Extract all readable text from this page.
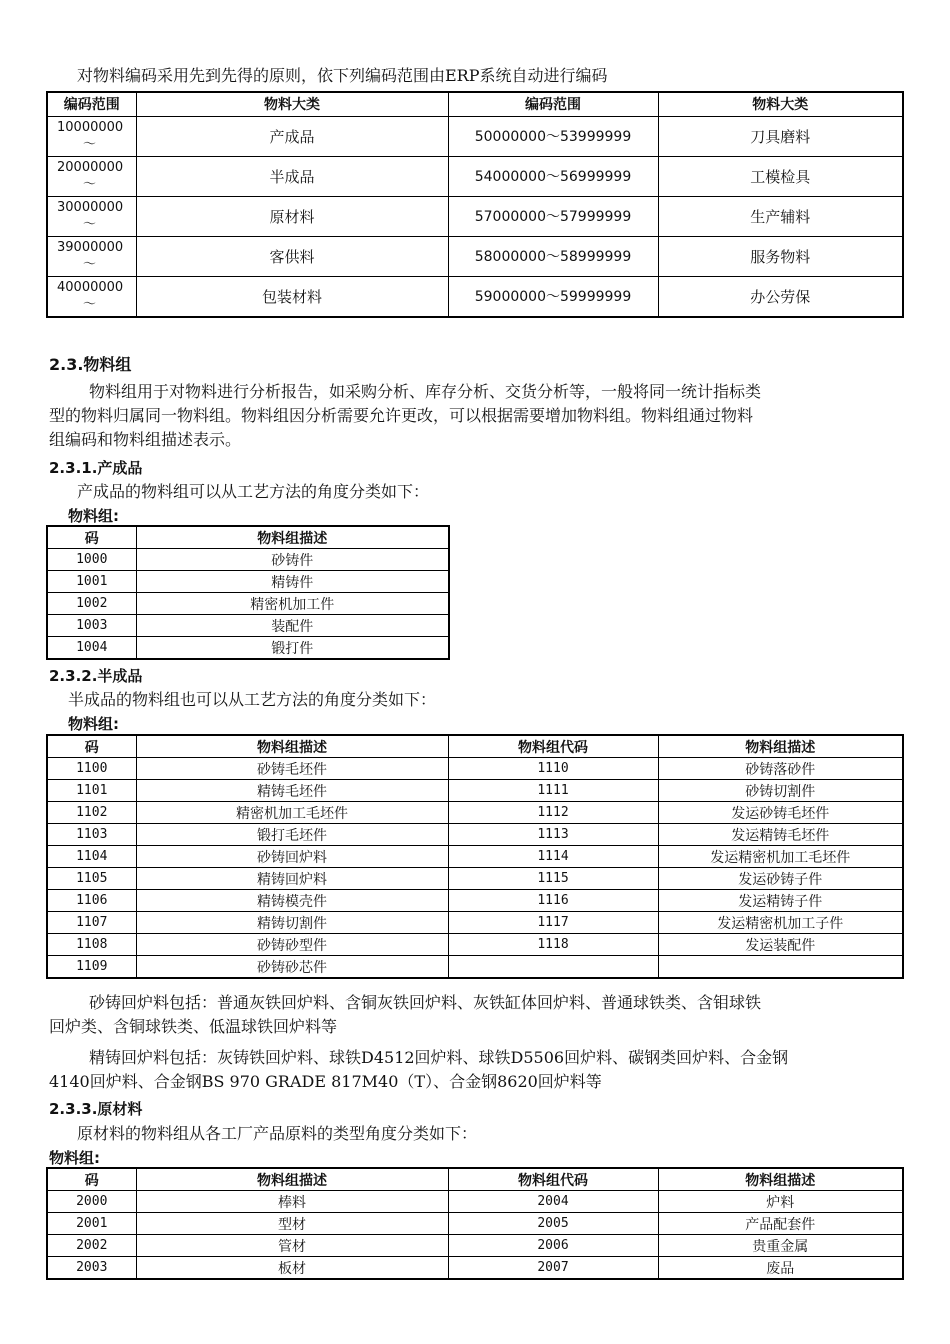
对物料编码采用先到先得的原则，依下列编码范围由ERP系统自动进行编码
编码范围	物料大类	编码范围	物料大类

10000000
～	产成品	50000000～53999999	刀具磨料

20000000
～	半成品	54000000～56999999	工模检具

30000000
～	原材料	57000000～57999999	生产辅料

39000000
～	客供料	58000000～58999999	服务物料

40000000
～	包装材料	59000000～59999999	办公劳保
2.3.物料组
物料组用于对物料进行分析报告，如采购分析、库存分析、交货分析等，一般将同一统计指标类
型的物料归属同一物料组。物料组因分析需要允许更改，可以根据需要增加物料组。物料组通过物料
组编码和物料组描述表示。
2.3.1.产成品
产成品的物料组可以从工艺方法的角度分类如下：
物料组:
码	物料组描述
1000	砂铸件
1001	精铸件
1002	精密机加工件
1003	装配件
1004	锻打件
2.3.2.半成品
半成品的物料组也可以从工艺方法的角度分类如下：
物料组:
码	物料组描述	物料组代码	物料组描述
1100	砂铸毛坯件	1110	砂铸落砂件
1101	精铸毛坯件	1111	砂铸切割件
1102	精密机加工毛坯件	1112	发运砂铸毛坯件
1103	锻打毛坯件	1113	发运精铸毛坯件
1104	砂铸回炉料	1114	发运精密机加工毛坯件
1105	精铸回炉料	1115	发运砂铸子件
1106	精铸模壳件	1116	发运精铸子件
1107	精铸切割件	1117	发运精密机加工子件
1108	砂铸砂型件	1118	发运装配件
1109	砂铸砂芯件		
砂铸回炉料包括：普通灰铁回炉料、含铜灰铁回炉料、灰铁缸体回炉料、普通球铁类、含钼球铁
回炉类、含铜球铁类、低温球铁回炉料等
精铸回炉料包括：灰铸铁回炉料、球铁D4512回炉料、球铁D5506回炉料、碳钢类回炉料、合金钢
4140回炉料、合金钢BS 970 GRADE 817M40（T）、合金钢8620回炉料等
2.3.3.原材料
原材料的物料组从各工厂产品原料的类型角度分类如下：
物料组:
码	物料组描述	物料组代码	物料组描述
2000	棒料	2004	炉料
2001	型材	2005	产品配套件
2002	管材	2006	贵重金属
2003	板材	2007	废品
